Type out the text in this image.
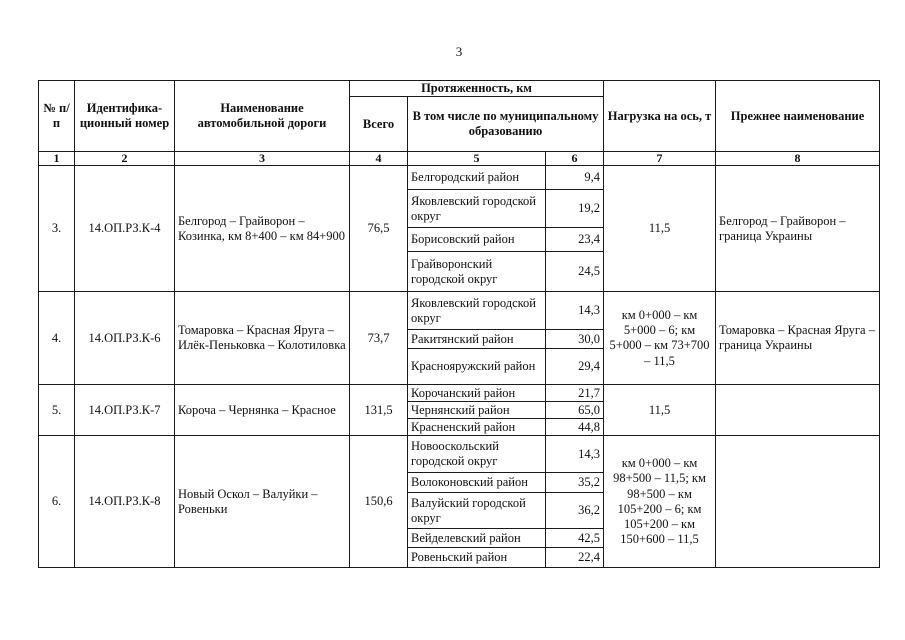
3
№ п/п	Идентифика-ционный номер	Наименование автомобильной дороги	Протяженность, км			Нагрузка на ось, т	Прежнее наименование
			Всего	В том числе по муниципальному образованию			
1	2	3	4	5	6	7	8
3.	14.ОП.РЗ.К-4	Белгород – Грайворон – Козинка, км 8+400 – км 84+900	76,5	Белгородский район	9,4	11,5	Белгород – Грайворон – граница Украины
				Яковлевский городской округ	19,2		
				Борисовский район	23,4		
				Грайворонский городской округ	24,5		
4.	14.ОП.РЗ.К-6	Томаровка – Красная Яруга – Илёк-Пеньковка – Колотиловка	73,7	Яковлевский городской округ	14,3	км 0+000 – км 5+000 – 6; км 5+000 – км 73+700 – 11,5	Томаровка – Красная Яруга – граница Украины
				Ракитянский район	30,0		
				Краснояружский район	29,4		
5.	14.ОП.РЗ.К-7	Короча – Чернянка – Красное	131,5	Корочанский район	21,7	11,5	
				Чернянский район	65,0		
				Красненский район	44,8		
6.	14.ОП.РЗ.К-8	Новый Оскол – Валуйки – Ровеньки	150,6	Новооскольский городской округ	14,3	км 0+000 – км 98+500 – 11,5; км 98+500 – км 105+200 – 6; км 105+200 – км 150+600 – 11,5	
				Волоконовский район	35,2		
				Валуйский городской округ	36,2		
				Вейделевский район	42,5		
				Ровеньский район	22,4		
